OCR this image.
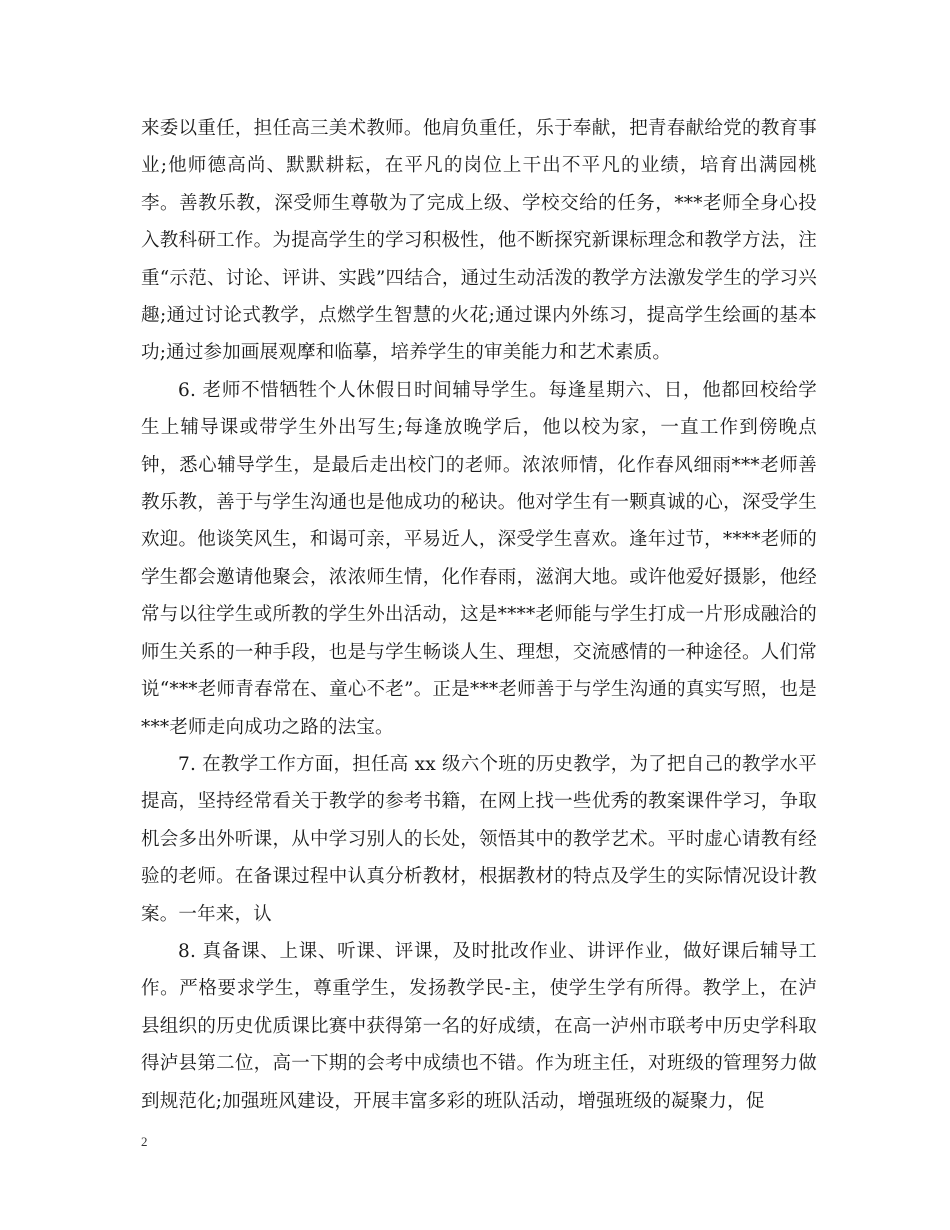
来委以重任，担任高三美术教师。他肩负重任，乐于奉献，把青春献给党的教育事业;他师德高尚、默默耕耘，在平凡的岗位上干出不平凡的业绩，培育出满园桃李。善教乐教，深受师生尊敬为了完成上级、学校交给的任务，***老师全身心投入教科研工作。为提高学生的学习积极性，他不断探究新课标理念和教学方法，注重“示范、讨论、评讲、实践”四结合，通过生动活泼的教学方法激发学生的学习兴趣;通过讨论式教学，点燃学生智慧的火花;通过课内外练习，提高学生绘画的基本功;通过参加画展观摩和临摹，培养学生的审美能力和艺术素质。

6. 老师不惜牺牲个人休假日时间辅导学生。每逢星期六、日，他都回校给学生上辅导课或带学生外出写生;每逢放晚学后，他以校为家，一直工作到傍晚点钟，悉心辅导学生，是最后走出校门的老师。浓浓师情，化作春风细雨***老师善教乐教，善于与学生沟通也是他成功的秘诀。他对学生有一颗真诚的心，深受学生欢迎。他谈笑风生，和谒可亲，平易近人，深受学生喜欢。逢年过节，****老师的学生都会邀请他聚会，浓浓师生情，化作春雨，滋润大地。或许他爱好摄影，他经常与以往学生或所教的学生外出活动，这是****老师能与学生打成一片形成融洽的师生关系的一种手段，也是与学生畅谈人生、理想，交流感情的一种途径。人们常说“***老师青春常在、童心不老”。正是***老师善于与学生沟通的真实写照，也是***老师走向成功之路的法宝。

7. 在教学工作方面，担任高 xx 级六个班的历史教学，为了把自己的教学水平提高，坚持经常看关于教学的参考书籍，在网上找一些优秀的教案课件学习，争取机会多出外听课，从中学习别人的长处，领悟其中的教学艺术。平时虚心请教有经验的老师。在备课过程中认真分析教材，根据教材的特点及学生的实际情况设计教案。一年来，认

8. 真备课、上课、听课、评课，及时批改作业、讲评作业，做好课后辅导工作。严格要求学生，尊重学生，发扬教学民-主，使学生学有所得。教学上，在泸县组织的历史优质课比赛中获得第一名的好成绩，在高一泸州市联考中历史学科取得泸县第二位，高一下期的会考中成绩也不错。作为班主任，对班级的管理努力做到规范化;加强班风建设，开展丰富多彩的班队活动，增强班级的凝聚力，促

2
